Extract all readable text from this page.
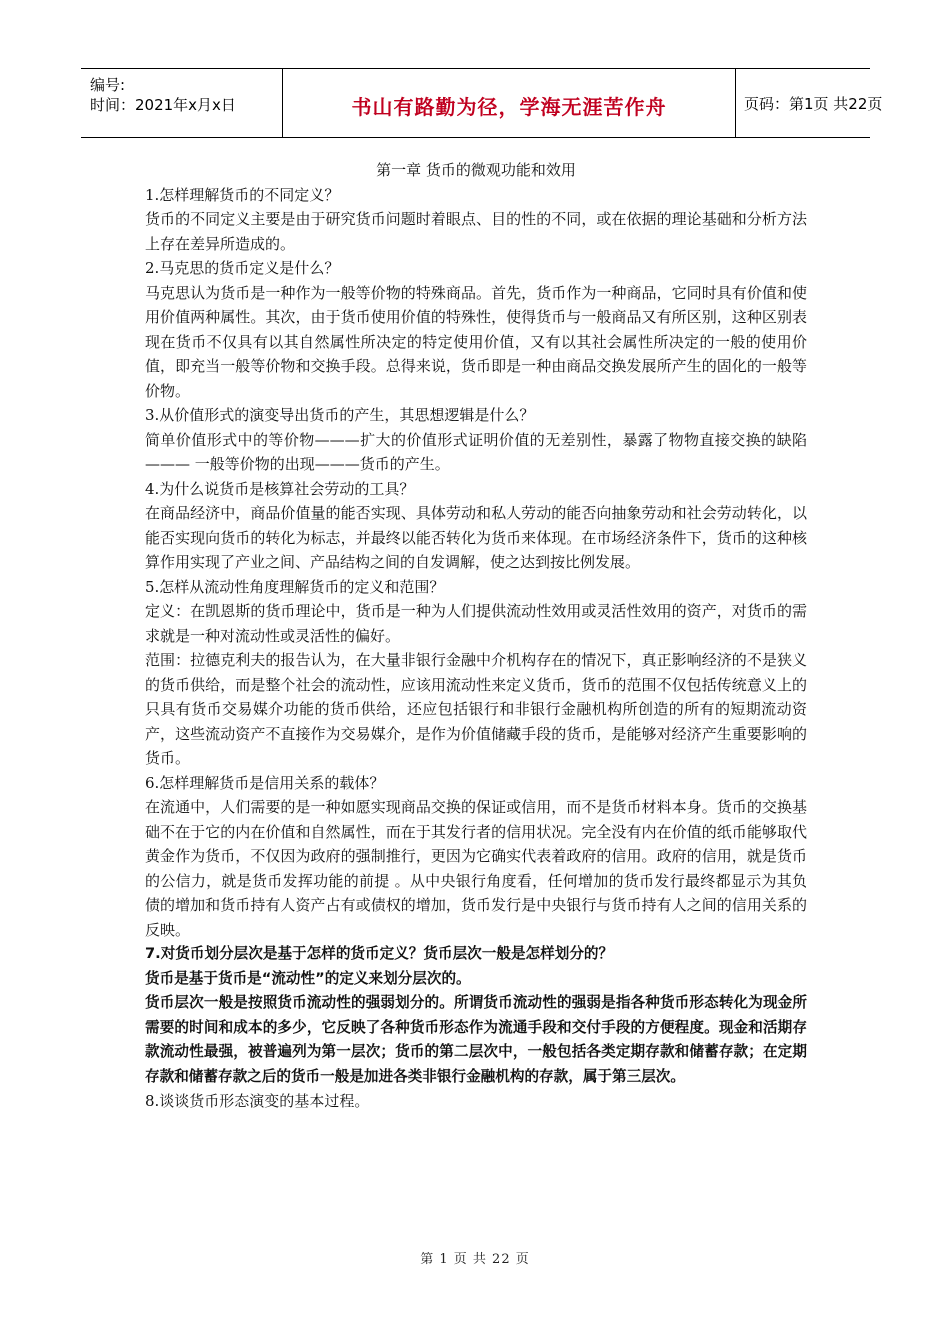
编号:
时间：2021年x月x日	书山有路勤为径，学海无涯苦作舟	页码：第1页 共22页
第一章 货币的微观功能和效用

1.怎样理解货币的不同定义？

货币的不同定义主要是由于研究货币问题时着眼点、目的性的不同，或在依据的理论基础和分析方法上存在差异所造成的。

2.马克思的货币定义是什么？

马克思认为货币是一种作为一般等价物的特殊商品。首先，货币作为一种商品，它同时具有价值和使用价值两种属性。其次，由于货币使用价值的特殊性，使得货币与一般商品又有所区别，这种区别表现在货币不仅具有以其自然属性所决定的特定使用价值，又有以其社会属性所决定的一般的使用价值，即充当一般等价物和交换手段。总得来说，货币即是一种由商品交换发展所产生的固化的一般等价物。

3.从价值形式的演变导出货币的产生，其思想逻辑是什么？

简单价值形式中的等价物———扩大的价值形式证明价值的无差别性，暴露了物物直接交换的缺陷——— 一般等价物的出现———货币的产生。

4.为什么说货币是核算社会劳动的工具？

在商品经济中，商品价值量的能否实现、具体劳动和私人劳动的能否向抽象劳动和社会劳动转化，以能否实现向货币的转化为标志，并最终以能否转化为货币来体现。在市场经济条件下，货币的这种核算作用实现了产业之间、产品结构之间的自发调解，使之达到按比例发展。

5.怎样从流动性角度理解货币的定义和范围？

定义：在凯恩斯的货币理论中，货币是一种为人们提供流动性效用或灵活性效用的资产，对货币的需求就是一种对流动性或灵活性的偏好。

范围：拉德克利夫的报告认为，在大量非银行金融中介机构存在的情况下，真正影响经济的不是狭义的货币供给，而是整个社会的流动性，应该用流动性来定义货币，货币的范围不仅包括传统意义上的只具有货币交易媒介功能的货币供给，还应包括银行和非银行金融机构所创造的所有的短期流动资产，这些流动资产不直接作为交易媒介，是作为价值储藏手段的货币，是能够对经济产生重要影响的货币。

6.怎样理解货币是信用关系的载体？

在流通中，人们需要的是一种如愿实现商品交换的保证或信用，而不是货币材料本身。货币的交换基础不在于它的内在价值和自然属性，而在于其发行者的信用状况。完全没有内在价值的纸币能够取代黄金作为货币，不仅因为政府的强制推行，更因为它确实代表着政府的信用。政府的信用，就是货币的公信力，就是货币发挥功能的前提 。从中央银行角度看，任何增加的货币发行最终都显示为其负债的增加和货币持有人资产占有或债权的增加，货币发行是中央银行与货币持有人之间的信用关系的反映。

7.对货币划分层次是基于怎样的货币定义？货币层次一般是怎样划分的？

货币是基于货币是“流动性”的定义来划分层次的。

货币层次一般是按照货币流动性的强弱划分的。所谓货币流动性的强弱是指各种货币形态转化为现金所需要的时间和成本的多少，它反映了各种货币形态作为流通手段和交付手段的方便程度。现金和活期存款流动性最强，被普遍列为第一层次；货币的第二层次中，一般包括各类定期存款和储蓄存款；在定期存款和储蓄存款之后的货币一般是加进各类非银行金融机构的存款，属于第三层次。

8.谈谈货币形态演变的基本过程。

第 1 页 共 22 页
